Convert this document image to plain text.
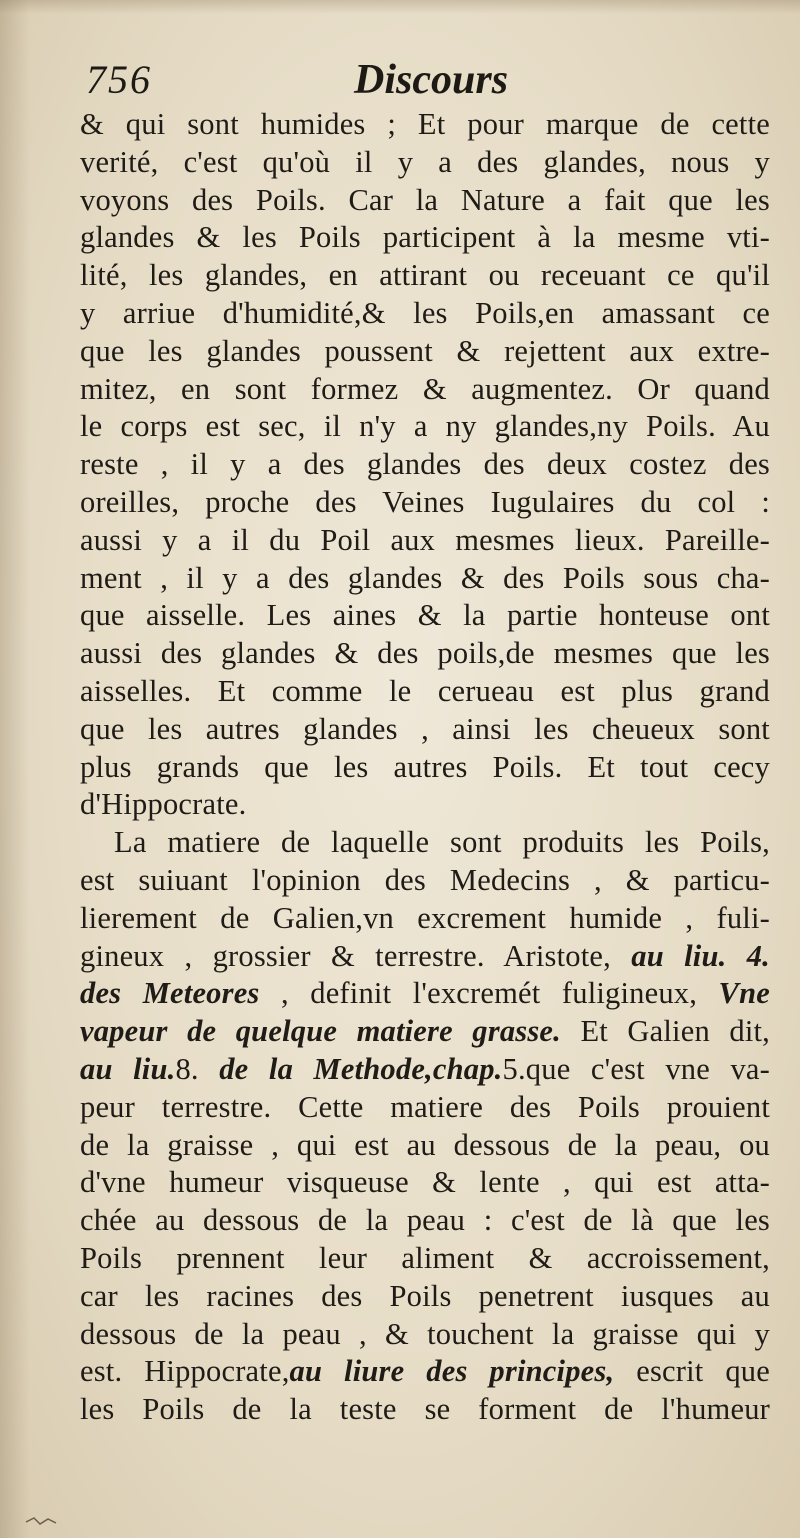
756	Discours
& qui sont humides ; Et pour marque de cette
verité, c'est qu'où il y a des glandes, nous y
voyons des Poils. Car la Nature a fait que les
glandes & les Poils participent à la mesme vti-
lité, les glandes, en attirant ou receuant ce qu'il
y arriue d'humidité,& les Poils,en amassant ce
que les glandes poussent & rejettent aux extre-
mitez, en sont formez & augmentez. Or quand
le corps est sec, il n'y a ny glandes,ny Poils. Au
reste , il y a des glandes des deux costez des
oreilles, proche des Veines Iugulaires du col :
aussi y a il du Poil aux mesmes lieux. Pareille-
ment , il y a des glandes & des Poils sous cha-
que aisselle. Les aines & la partie honteuse ont
aussi des glandes & des poils,de mesmes que les
aisselles. Et comme le cerueau est plus grand
que les autres glandes , ainsi les cheueux sont
plus grands que les autres Poils. Et tout cecy
d'Hippocrate.
La matiere de laquelle sont produits les Poils,
est suiuant l'opinion des Medecins , & particu-
lierement de Galien,vn excrement humide , fuli-
gineux , grossier & terrestre. Aristote, au liu. 4.
des Meteores , definit l'excremét fuligineux, Vne
vapeur de quelque matiere grasse. Et Galien dit,
au liu.8. de la Methode,chap.5.que c'est vne va-
peur terrestre. Cette matiere des Poils prouient
de la graisse , qui est au dessous de la peau, ou
d'vne humeur visqueuse & lente , qui est atta-
chée au dessous de la peau : c'est de là que les
Poils prennent leur aliment & accroissement,
car les racines des Poils penetrent iusques au
dessous de la peau , & touchent la graisse qui y
est. Hippocrate,au liure des principes, escrit que
les Poils de la teste se forment de l'humeur
